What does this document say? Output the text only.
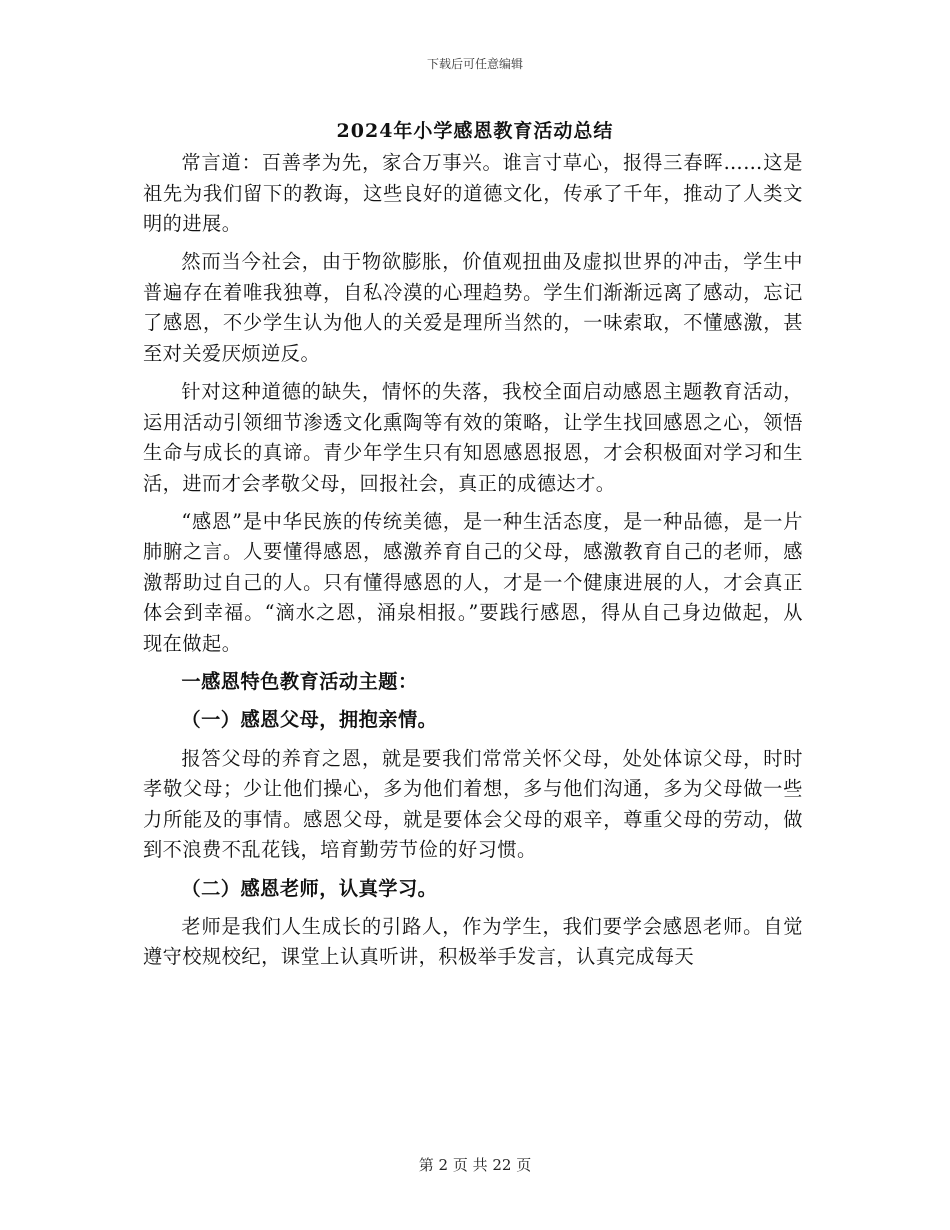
下载后可任意编辑
2024年小学感恩教育活动总结

常言道：百善孝为先，家合万事兴。谁言寸草心，报得三春晖……这是祖先为我们留下的教诲，这些良好的道德文化，传承了千年，推动了人类文明的进展。

然而当今社会，由于物欲膨胀，价值观扭曲及虚拟世界的冲击，学生中普遍存在着唯我独尊，自私冷漠的心理趋势。学生们渐渐远离了感动，忘记了感恩，不少学生认为他人的关爱是理所当然的，一味索取，不懂感激，甚至对关爱厌烦逆反。

针对这种道德的缺失，情怀的失落，我校全面启动感恩主题教育活动，运用活动引领细节渗透文化熏陶等有效的策略，让学生找回感恩之心，领悟生命与成长的真谛。青少年学生只有知恩感恩报恩，才会积极面对学习和生活，进而才会孝敬父母，回报社会，真正的成德达才。

“感恩”是中华民族的传统美德，是一种生活态度，是一种品德，是一片肺腑之言。人要懂得感恩，感激养育自己的父母，感激教育自己的老师，感激帮助过自己的人。只有懂得感恩的人，才是一个健康进展的人，才会真正体会到幸福。“滴水之恩，涌泉相报。”要践行感恩，得从自己身边做起，从现在做起。

一感恩特色教育活动主题：

（一）感恩父母，拥抱亲情。

报答父母的养育之恩，就是要我们常常关怀父母，处处体谅父母，时时孝敬父母；少让他们操心，多为他们着想，多与他们沟通，多为父母做一些力所能及的事情。感恩父母，就是要体会父母的艰辛，尊重父母的劳动，做到不浪费不乱花钱，培育勤劳节俭的好习惯。

（二）感恩老师，认真学习。

老师是我们人生成长的引路人，作为学生，我们要学会感恩老师。自觉遵守校规校纪，课堂上认真听讲，积极举手发言，认真完成每天

第 2 页 共 22 页
